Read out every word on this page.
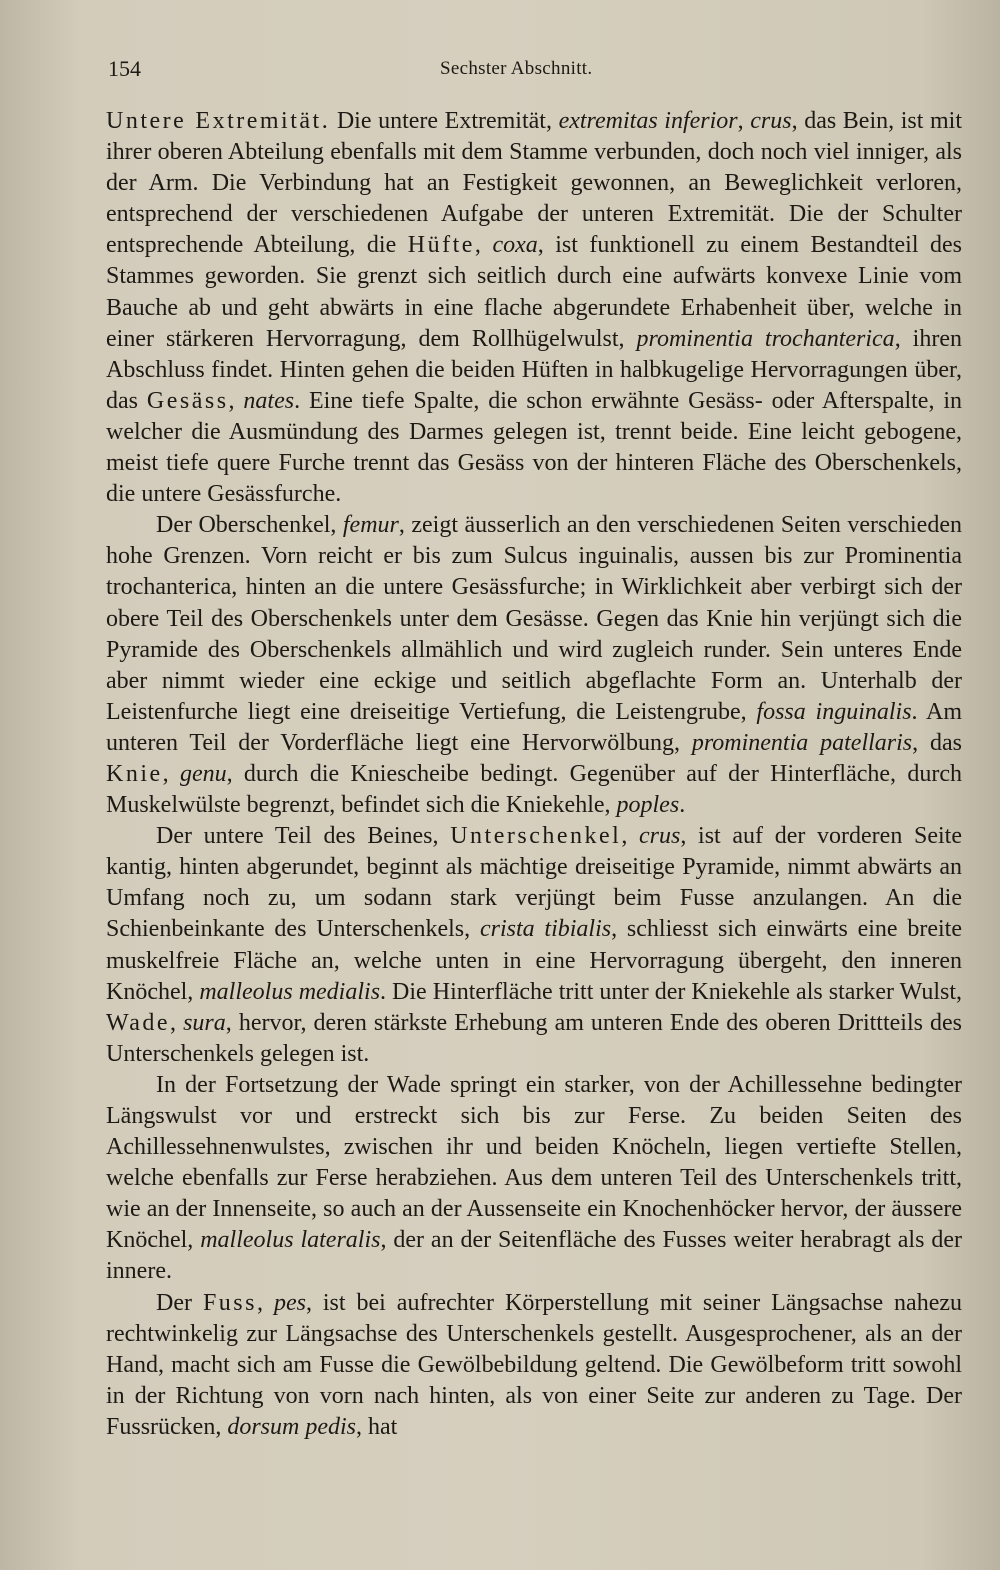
154	Sechster Abschnitt.

Untere Extremität. Die untere Extremität, extremitas inferior, crus, das Bein, ist mit ihrer oberen Abteilung ebenfalls mit dem Stamme verbunden, doch noch viel inniger, als der Arm. Die Verbindung hat an Festigkeit gewonnen, an Beweglichkeit verloren, entsprechend der verschiedenen Aufgabe der unteren Extremität. Die der Schulter entsprechende Abteilung, die Hüfte, coxa, ist funktionell zu einem Bestandteil des Stammes geworden. Sie grenzt sich seitlich durch eine aufwärts konvexe Linie vom Bauche ab und geht abwärts in eine flache abgerundete Erhabenheit über, welche in einer stärkeren Hervorragung, dem Rollhügelwulst, prominentia trochanterica, ihren Abschluss findet. Hinten gehen die beiden Hüften in halbkugelige Hervorragungen über, das Gesäss, nates. Eine tiefe Spalte, die schon erwähnte Gesäss- oder Afterspalte, in welcher die Ausmündung des Darmes gelegen ist, trennt beide. Eine leicht gebogene, meist tiefe quere Furche trennt das Gesäss von der hinteren Fläche des Oberschenkels, die untere Gesässfurche.

Der Oberschenkel, femur, zeigt äusserlich an den verschiedenen Seiten verschieden hohe Grenzen. Vorn reicht er bis zum Sulcus inguinalis, aussen bis zur Prominentia trochanterica, hinten an die untere Gesässfurche; in Wirklichkeit aber verbirgt sich der obere Teil des Oberschenkels unter dem Gesässe. Gegen das Knie hin verjüngt sich die Pyramide des Oberschenkels allmählich und wird zugleich runder. Sein unteres Ende aber nimmt wieder eine eckige und seitlich abgeflachte Form an. Unterhalb der Leistenfurche liegt eine dreiseitige Vertiefung, die Leistengrube, fossa inguinalis. Am unteren Teil der Vorderfläche liegt eine Hervorwölbung, prominentia patellaris, das Knie, genu, durch die Kniescheibe bedingt. Gegenüber auf der Hinterfläche, durch Muskelwülste begrenzt, befindet sich die Kniekehle, poples.

Der untere Teil des Beines, Unterschenkel, crus, ist auf der vorderen Seite kantig, hinten abgerundet, beginnt als mächtige dreiseitige Pyramide, nimmt abwärts an Umfang noch zu, um sodann stark verjüngt beim Fusse anzulangen. An die Schienbeinkante des Unterschenkels, crista tibialis, schliesst sich einwärts eine breite muskelfreie Fläche an, welche unten in eine Hervorragung übergeht, den inneren Knöchel, malleolus medialis. Die Hinterfläche tritt unter der Kniekehle als starker Wulst, Wade, sura, hervor, deren stärkste Erhebung am unteren Ende des oberen Drittteils des Unterschenkels gelegen ist.

In der Fortsetzung der Wade springt ein starker, von der Achillessehne bedingter Längswulst vor und erstreckt sich bis zur Ferse. Zu beiden Seiten des Achillessehnenwulstes, zwischen ihr und beiden Knöcheln, liegen vertiefte Stellen, welche ebenfalls zur Ferse herabziehen. Aus dem unteren Teil des Unterschenkels tritt, wie an der Innenseite, so auch an der Aussenseite ein Knochenhöcker hervor, der äussere Knöchel, malleolus lateralis, der an der Seitenfläche des Fusses weiter herabragt als der innere.

Der Fuss, pes, ist bei aufrechter Körperstellung mit seiner Längsachse nahezu rechtwinkelig zur Längsachse des Unterschenkels gestellt. Ausgesprochener, als an der Hand, macht sich am Fusse die Gewölbebildung geltend. Die Gewölbeform tritt sowohl in der Richtung von vorn nach hinten, als von einer Seite zur anderen zu Tage. Der Fussrücken, dorsum pedis, hat
